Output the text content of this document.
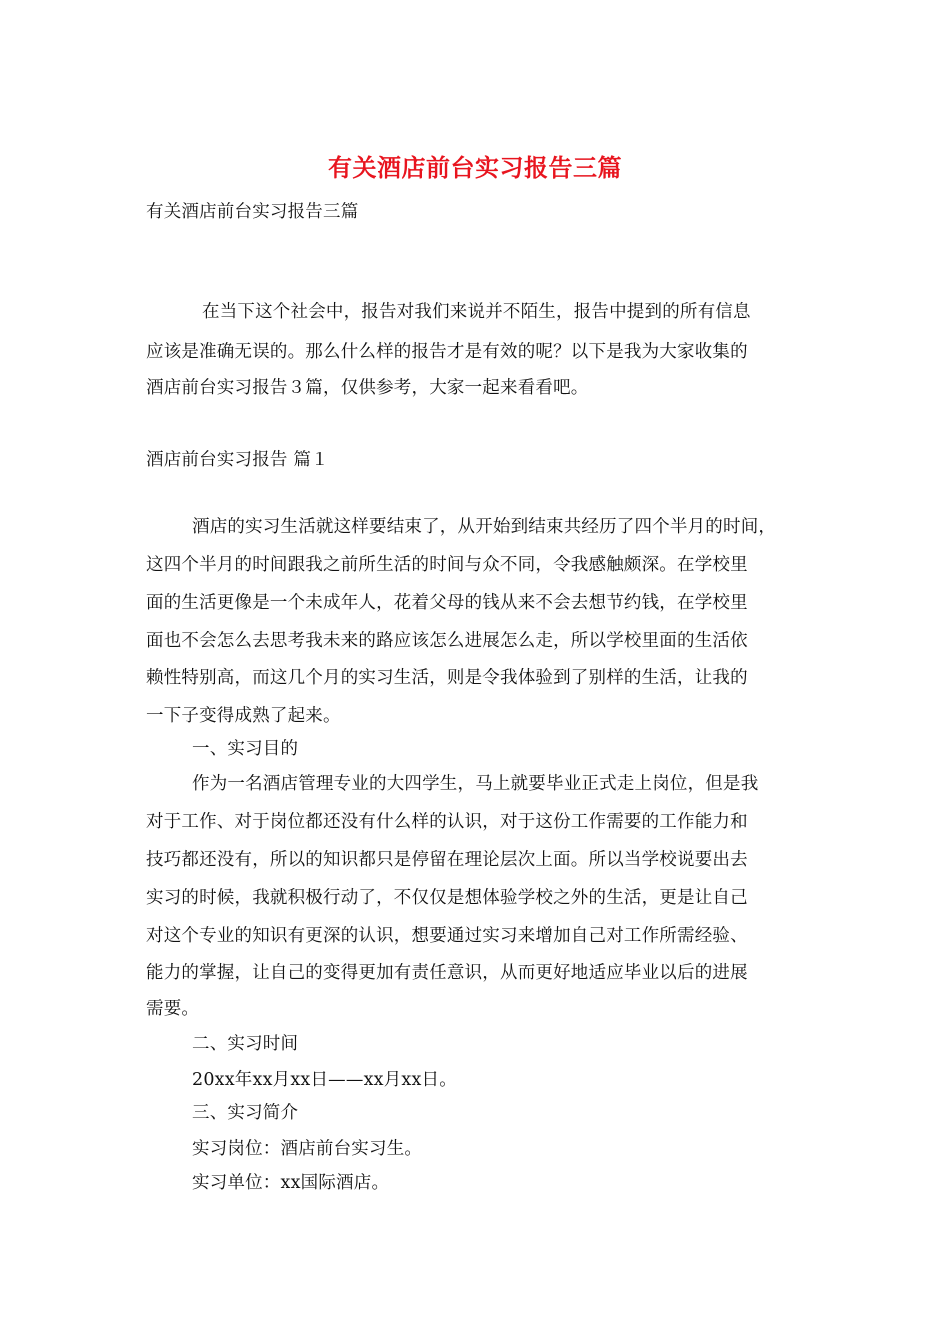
有关酒店前台实习报告三篇
有关酒店前台实习报告三篇
在当下这个社会中，报告对我们来说并不陌生，报告中提到的所有信息
应该是准确无误的。那么什么样的报告才是有效的呢？以下是我为大家收集的
酒店前台实习报告３篇，仅供参考，大家一起来看看吧。
酒店前台实习报告 篇１
酒店的实习生活就这样要结束了，从开始到结束共经历了四个半月的时间，
这四个半月的时间跟我之前所生活的时间与众不同，令我感触颇深。在学校里
面的生活更像是一个未成年人，花着父母的钱从来不会去想节约钱，在学校里
面也不会怎么去思考我未来的路应该怎么进展怎么走，所以学校里面的生活依
赖性特别高，而这几个月的实习生活，则是令我体验到了别样的生活，让我的
一下子变得成熟了起来。
一、实习目的
作为一名酒店管理专业的大四学生，马上就要毕业正式走上岗位，但是我
对于工作、对于岗位都还没有什么样的认识，对于这份工作需要的工作能力和
技巧都还没有，所以的知识都只是停留在理论层次上面。所以当学校说要出去
实习的时候，我就积极行动了，不仅仅是想体验学校之外的生活，更是让自己
对这个专业的知识有更深的认识，想要通过实习来增加自己对工作所需经验、
能力的掌握，让自己的变得更加有责任意识，从而更好地适应毕业以后的进展
需要。
二、实习时间
20xx年xx月xx日——xx月xx日。
三、实习简介
实习岗位：酒店前台实习生。
实习单位：xx国际酒店。
